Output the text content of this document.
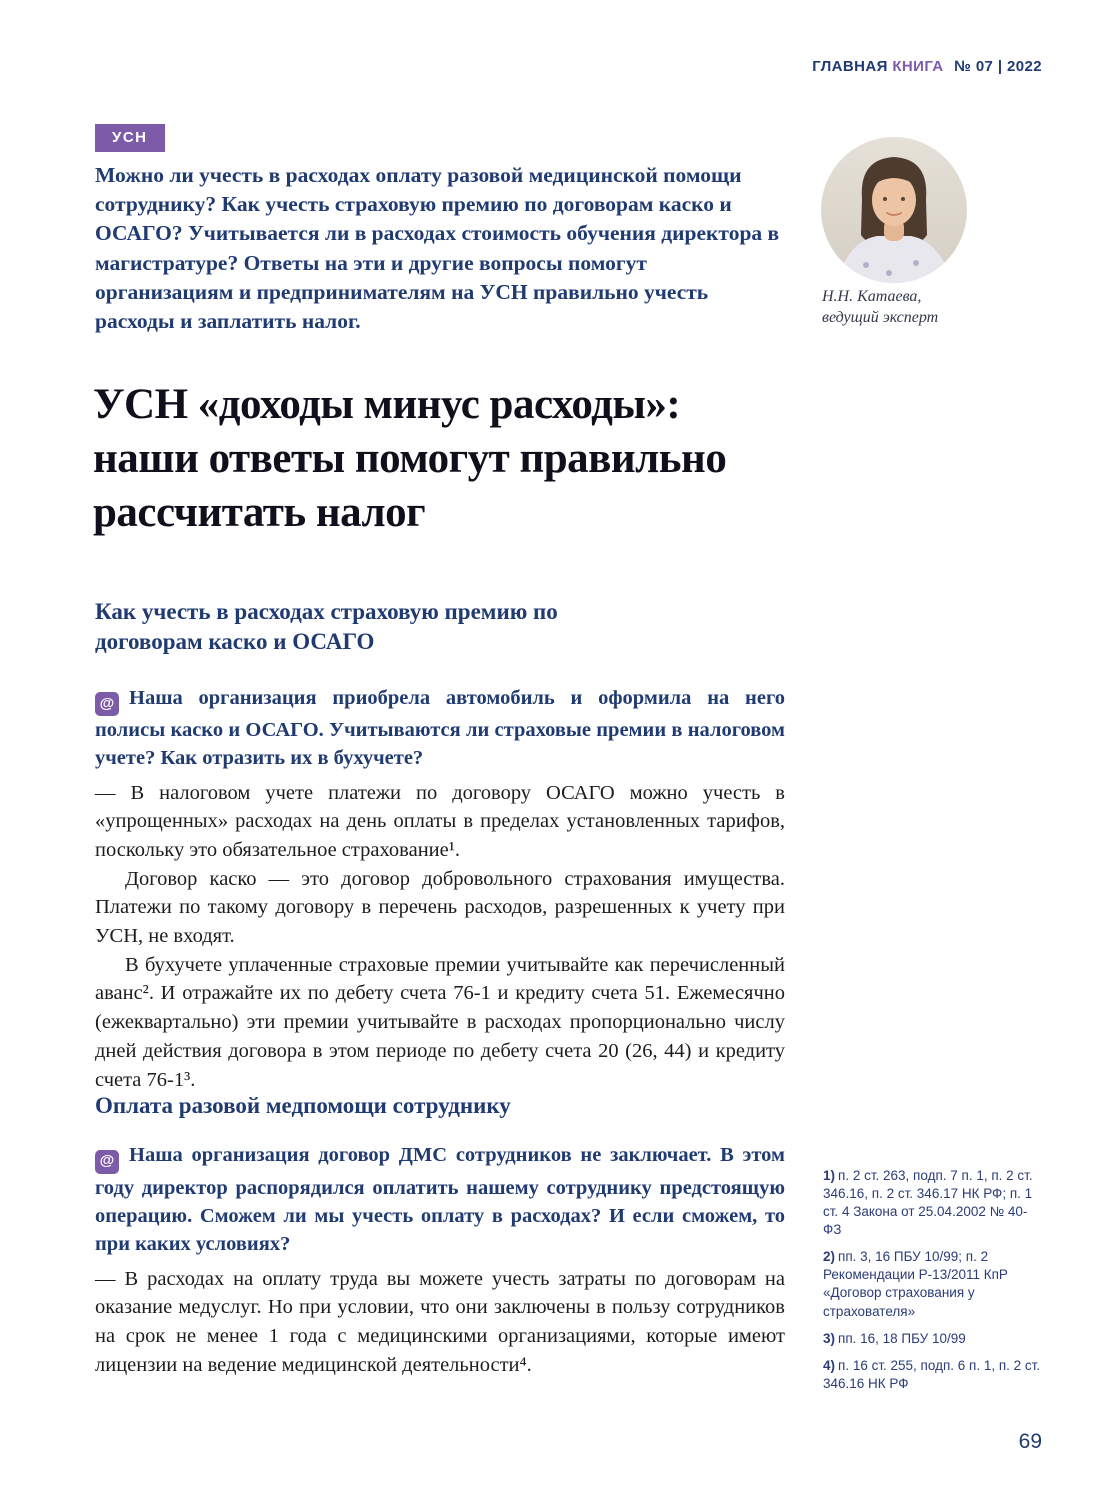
ГЛАВНАЯ КНИГА № 07 | 2022
УСН
Можно ли учесть в расходах оплату разовой медицинской помощи сотруднику? Как учесть страховую премию по договорам каско и ОСАГО? Учитывается ли в расходах стоимость обучения директора в магистратуре? Ответы на эти и другие вопросы помогут организациям и предпринимателям на УСН правильно учесть расходы и заплатить налог.
Н.Н. Катаева,
ведущий эксперт
УСН «доходы минус расходы»:
наши ответы помогут правильно
рассчитать налог
Как учесть в расходах страховую премию по договорам каско и ОСАГО

@ Наша организация приобрела автомобиль и оформила на него полисы каско и ОСАГО. Учитываются ли страховые премии в налоговом учете? Как отразить их в бухучете?

— В налоговом учете платежи по договору ОСАГО можно учесть в «упрощенных» расходах на день оплаты в пределах установленных тарифов, поскольку это обязательное страхование¹.

Договор каско — это договор добровольного страхования имущества. Платежи по такому договору в перечень расходов, разрешенных к учету при УСН, не входят.

В бухучете уплаченные страховые премии учитывайте как перечисленный аванс². И отражайте их по дебету счета 76-1 и кредиту счета 51. Ежемесячно (ежеквартально) эти премии учитывайте в расходах пропорционально числу дней действия договора в этом периоде по дебету счета 20 (26, 44) и кредиту счета 76-1³.

Оплата разовой медпомощи сотруднику

@ Наша организация договор ДМС сотрудников не заключает. В этом году директор распорядился оплатить нашему сотруднику предстоящую операцию. Сможем ли мы учесть оплату в расходах? И если сможем, то при каких условиях?

— В расходах на оплату труда вы можете учесть затраты по договорам на оказание медуслуг. Но при условии, что они заключены в пользу сотрудников на срок не менее 1 года с медицинскими организациями, которые имеют лицензии на ведение медицинской деятельности⁴.

1) п. 2 ст. 263, подп. 7 п. 1, п. 2 ст. 346.16, п. 2 ст. 346.17 НК РФ; п. 1 ст. 4 Закона от 25.04.2002 № 40-ФЗ
2) пп. 3, 16 ПБУ 10/99; п. 2 Рекомендации Р-13/2011 КпР «Договор страхования у страхователя»
3) пп. 16, 18 ПБУ 10/99
4) п. 16 ст. 255, подп. 6 п. 1, п. 2 ст. 346.16 НК РФ
69
